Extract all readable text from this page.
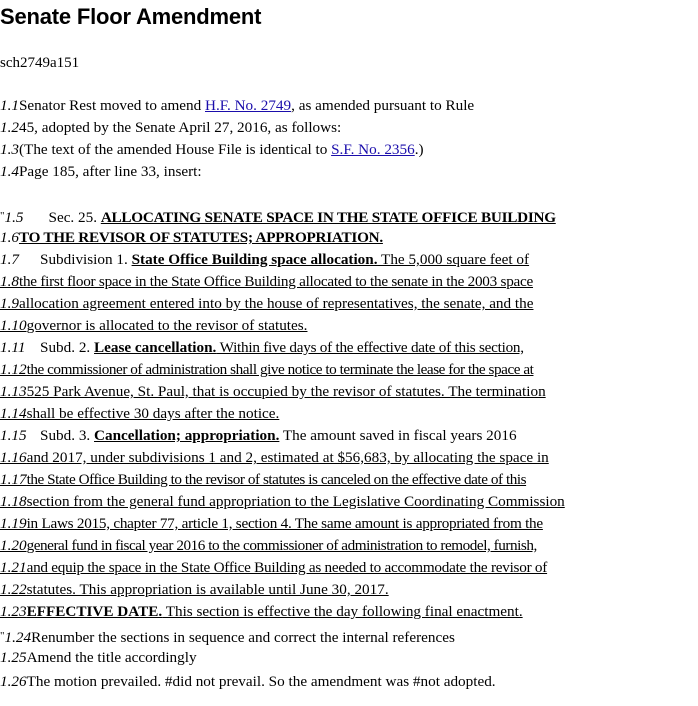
Senate Floor Amendment
sch2749a151
1.1Senator Rest moved to amend H.F. No. 2749, as amended pursuant to Rule
1.245, adopted by the Senate April 27, 2016, as follows:
1.3(The text of the amended House File is identical to S.F. No. 2356.)
1.4Page 185, after line 33, insert:
"1.5 Sec. 25. ALLOCATING SENATE SPACE IN THE STATE OFFICE BUILDING
1.6TO THE REVISOR OF STATUTES; APPROPRIATION.
1.7 Subdivision 1. State Office Building space allocation. The 5,000 square feet of
1.8the first floor space in the State Office Building allocated to the senate in the 2003 space
1.9allocation agreement entered into by the house of representatives, the senate, and the
1.10governor is allocated to the revisor of statutes.
1.11 Subd. 2. Lease cancellation. Within five days of the effective date of this section,
1.12the commissioner of administration shall give notice to terminate the lease for the space at
1.13525 Park Avenue, St. Paul, that is occupied by the revisor of statutes. The termination
1.14shall be effective 30 days after the notice.
1.15 Subd. 3. Cancellation; appropriation. The amount saved in fiscal years 2016
1.16and 2017, under subdivisions 1 and 2, estimated at $56,683, by allocating the space in
1.17the State Office Building to the revisor of statutes is canceled on the effective date of this
1.18section from the general fund appropriation to the Legislative Coordinating Commission
1.19in Laws 2015, chapter 77, article 1, section 4. The same amount is appropriated from the
1.20general fund in fiscal year 2016 to the commissioner of administration to remodel, furnish,
1.21and equip the space in the State Office Building as needed to accommodate the revisor of
1.22statutes. This appropriation is available until June 30, 2017.
1.23EFFECTIVE DATE. This section is effective the day following final enactment.
"1.24Renumber the sections in sequence and correct the internal references
1.25Amend the title accordingly
1.26The motion prevailed. #did not prevail. So the amendment was #not adopted.
